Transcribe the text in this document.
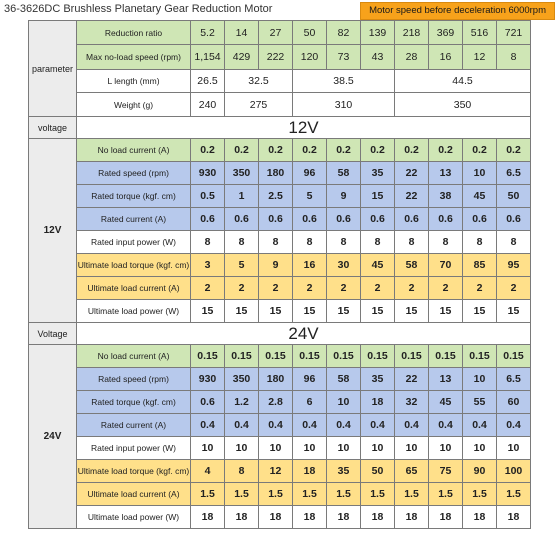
36-3626DC Brushless Planetary Gear Reduction Motor	Motor speed before deceleration 6000rpm
parameter	Reduction ratio	5.2	14	27	50	82	139	218	369	516	721
	Max no-load speed (rpm)	1,154	429	222	120	73	43	28	16	12	8
	L length (mm)	26.5	32.5		38.5			44.5			
	Weight (g)	240	275		310			350			
voltage	12V										
12V	No load current (A)	0.2	0.2	0.2	0.2	0.2	0.2	0.2	0.2	0.2	0.2
	Rated speed (rpm)	930	350	180	96	58	35	22	13	10	6.5
	Rated torque (kgf. cm)	0.5	1	2.5	5	9	15	22	38	45	50
	Rated current (A)	0.6	0.6	0.6	0.6	0.6	0.6	0.6	0.6	0.6	0.6
	Rated input power (W)	8	8	8	8	8	8	8	8	8	8
	Ultimate load torque (kgf. cm)	3	5	9	16	30	45	58	70	85	95
	Ultimate load current (A)	2	2	2	2	2	2	2	2	2	2
	Ultimate load power (W)	15	15	15	15	15	15	15	15	15	15
Voltage	24V										
24V	No load current (A)	0.15	0.15	0.15	0.15	0.15	0.15	0.15	0.15	0.15	0.15
	Rated speed (rpm)	930	350	180	96	58	35	22	13	10	6.5
	Rated torque (kgf. cm)	0.6	1.2	2.8	6	10	18	32	45	55	60
	Rated current (A)	0.4	0.4	0.4	0.4	0.4	0.4	0.4	0.4	0.4	0.4
	Rated input power (W)	10	10	10	10	10	10	10	10	10	10
	Ultimate load torque (kgf. cm)	4	8	12	18	35	50	65	75	90	100
	Ultimate load current (A)	1.5	1.5	1.5	1.5	1.5	1.5	1.5	1.5	1.5	1.5
	Ultimate load power (W)	18	18	18	18	18	18	18	18	18	18
